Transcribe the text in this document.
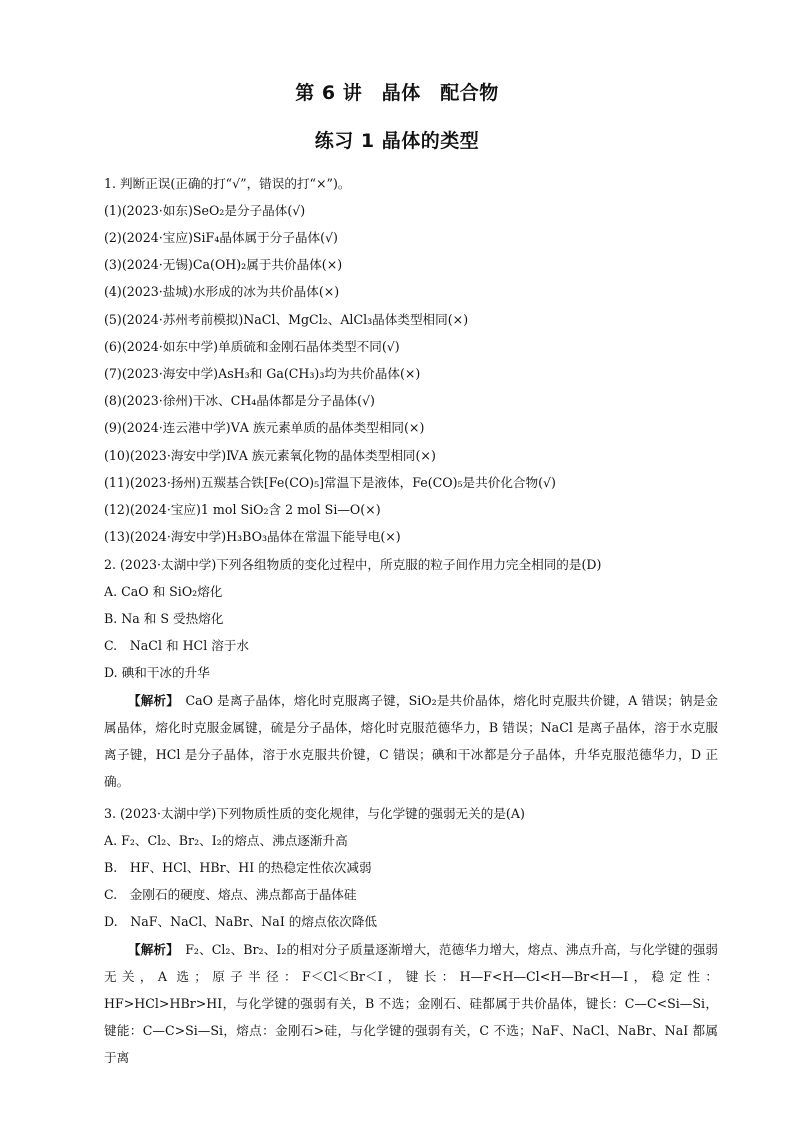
第 6 讲　晶体　配合物
练习 1 晶体的类型
1. 判断正误(正确的打“√”，错误的打“×”)。
(1)(2023·如东)SeO₂是分子晶体(√)
(2)(2024·宝应)SiF₄晶体属于分子晶体(√)
(3)(2024·无锡)Ca(OH)₂属于共价晶体(×)
(4)(2023·盐城)水形成的冰为共价晶体(×)
(5)(2024·苏州考前模拟)NaCl、MgCl₂、AlCl₃晶体类型相同(×)
(6)(2024·如东中学)单质硫和金刚石晶体类型不同(√)
(7)(2023·海安中学)AsH₃和 Ga(CH₃)₃均为共价晶体(×)
(8)(2023·徐州)干冰、CH₄晶体都是分子晶体(√)
(9)(2024·连云港中学)ⅤA 族元素单质的晶体类型相同(×)
(10)(2023·海安中学)ⅣA 族元素氧化物的晶体类型相同(×)
(11)(2023·扬州)五羰基合铁[Fe(CO)₅]常温下是液体，Fe(CO)₅是共价化合物(√)
(12)(2024·宝应)1 mol SiO₂含 2 mol Si—O(×)
(13)(2024·海安中学)H₃BO₃晶体在常温下能导电(×)
2. (2023·太湖中学)下列各组物质的变化过程中，所克服的粒子间作用力完全相同的是(D)
A. CaO 和 SiO₂熔化
B. Na 和 S 受热熔化
C.　NaCl 和 HCl 溶于水
D. 碘和干冰的升华
【解析】　 CaO 是离子晶体，熔化时克服离子键，SiO₂是共价晶体，熔化时克服共价键，A 错误；钠是金属晶体，熔化时克服金属键，硫是分子晶体，熔化时克服范德华力，B 错误；NaCl 是离子晶体，溶于水克服离子键，HCl 是分子晶体，溶于水克服共价键，C 错误；碘和干冰都是分子晶体，升华克服范德华力，D 正确。
3. (2023·太湖中学)下列物质性质的变化规律，与化学键的强弱无关的是(A)
A. F₂、Cl₂、Br₂、I₂的熔点、沸点逐渐升高
B.　HF、HCl、HBr、HI 的热稳定性依次减弱
C.　金刚石的硬度、熔点、沸点都高于晶体硅
D.　NaF、NaCl、NaBr、NaI 的熔点依次降低
【解析】　 F₂、Cl₂、Br₂、I₂的相对分子质量逐渐增大，范德华力增大，熔点、沸点升高，与化学键的强弱无关，A 选；原子半径：F＜Cl＜Br＜I，键长：H—F<H—Cl<H—Br<H—I，稳定性：HF>HCl>HBr>HI，与化学键的强弱有关，B 不选；金刚石、硅都属于共价晶体，键长：C—C<Si—Si，键能：C—C>Si—Si，熔点：金刚石>硅，与化学键的强弱有关，C 不选；NaF、NaCl、NaBr、NaI 都属于离
